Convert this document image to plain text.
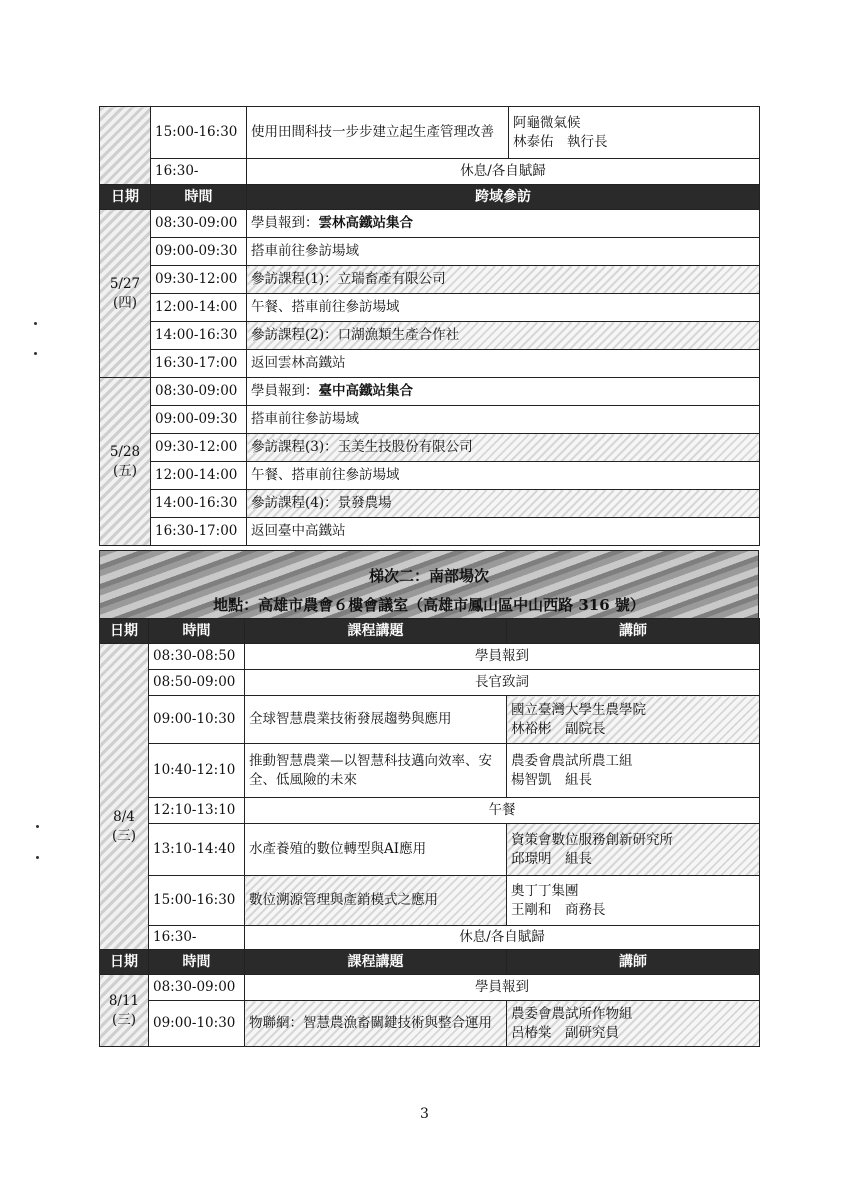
	15:00-16:30	使用田間科技一步步建立起生產管理改善	阿龜微氣候
林泰佑　執行長

	16:30-	休息/各自賦歸	
日期	時間	跨域參訪	

5/27
(四)	08:30-09:00	學員報到：雲林高鐵站集合	
	09:00-09:30	搭車前往參訪場域	
	09:30-12:00	參訪課程(1)：立瑞畜產有限公司	
	12:00-14:00	午餐、搭車前往參訪場域	
	14:00-16:30	參訪課程(2)：口湖漁類生產合作社	
	16:30-17:00	返回雲林高鐵站	

5/28
(五)	08:30-09:00	學員報到：臺中高鐵站集合	
	09:00-09:30	搭車前往參訪場域	
	09:30-12:00	參訪課程(3)：玉美生技股份有限公司	
	12:00-14:00	午餐、搭車前往參訪場域	
	14:00-16:30	參訪課程(4)：景發農場	
	16:30-17:00	返回臺中高鐵站	
梯次二：南部場次
地點：高雄市農會６樓會議室（高雄市鳳山區中山西路 316 號）
日期	時間	課程講題	講師

8/4
(三)	08:30-08:50	學員報到	
	08:50-09:00	長官致詞	
	09:00-10:30	全球智慧農業技術發展趨勢與應用	國立臺灣大學生農學院
林裕彬　副院長

	10:40-12:10	推動智慧農業—以智慧科技邁向效率、安全、低風險的未來	農委會農試所農工組
楊智凱　組長

	12:10-13:10	午餐	
	13:10-14:40	水產養殖的數位轉型與AI應用	資策會數位服務創新研究所
邱璟明　組長

	15:00-16:30	數位溯源管理與產銷模式之應用	奧丁丁集團
王剛和　商務長

	16:30-	休息/各自賦歸	
日期	時間	課程講題	講師

8/11
(三)	08:30-09:00	學員報到	
	09:00-10:30	物聯網：智慧農漁畜關鍵技術與整合運用	農委會農試所作物組
呂椿棠　副研究員
3
